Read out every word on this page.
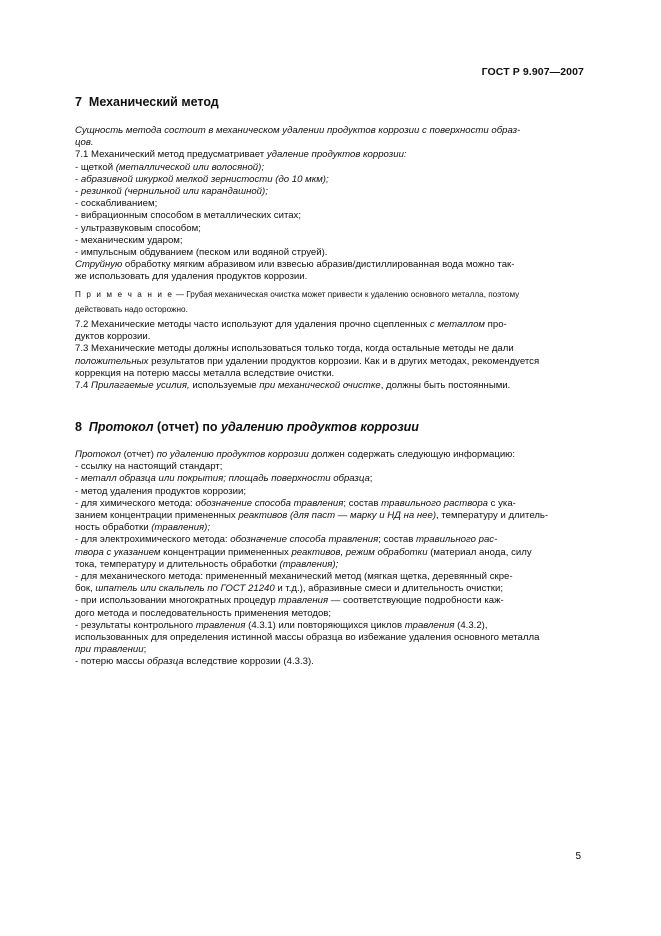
ГОСТ Р 9.907—2007
7 Механический метод

Сущность метода состоит в механическом удалении продуктов коррозии с поверхности образ-

цов.

7.1 Механический метод предусматривает удаление продуктов коррозии:

- щеткой (металлической или волосяной);

- абразивной шкуркой мелкой зернистости (до 10 мкм);

- резинкой (чернильной или карандашной);

- соскабливанием;

- вибрационным способом в металлических ситах;

- ультразвуковым способом;

- механическим ударом;

- импульсным обдуванием (песком или водяной струей).

Струйную обработку мягким абразивом или взвесью абразив/дистиллированная вода можно так-

же использовать для удаления продуктов коррозии.

П р и м е ч а н и е — Грубая механическая очистка может привести к удалению основного металла, поэтому

действовать надо осторожно.

7.2 Механические методы часто используют для удаления прочно сцепленных с металлом про-

дуктов коррозии.

7.3 Механические методы должны использоваться только тогда, когда остальные методы не дали

положительных результатов при удалении продуктов коррозии. Как и в других методах, рекомендуется

коррекция на потерю массы металла вследствие очистки.

7.4 Прилагаемые усилия, используемые при механической очистке, должны быть постоянными.

8 Протокол (отчет) по удалению продуктов коррозии

Протокол (отчет) по удалению продуктов коррозии должен содержать следующую информацию:

- ссылку на настоящий стандарт;

- металл образца или покрытия; площадь поверхности образца;

- метод удаления продуктов коррозии;

- для химического метода: обозначение способа травления; состав травильного раствора с ука-

занием концентрации примененных реактивов (для паст — марку и НД на нее), температуру и длитель-

ность обработки (травления);

- для электрохимического метода: обозначение способа травления; состав травильного рас-

твора с указанием концентрации примененных реактивов, режим обработки (материал анода, силу

тока, температуру и длительность обработки (травления);

- для механического метода: примененный механический метод (мягкая щетка, деревянный скре-

бок, шпатель или скальпель по ГОСТ 21240 и т.д.), абразивные смеси и длительность очистки;

- при использовании многократных процедур травления — соответствующие подробности каж-

дого метода и последовательность применения методов;

- результаты контрольного травления (4.3.1) или повторяющихся циклов травления (4.3.2),

использованных для определения истинной массы образца во избежание удаления основного металла

при травлении;

- потерю массы образца вследствие коррозии (4.3.3).

5
